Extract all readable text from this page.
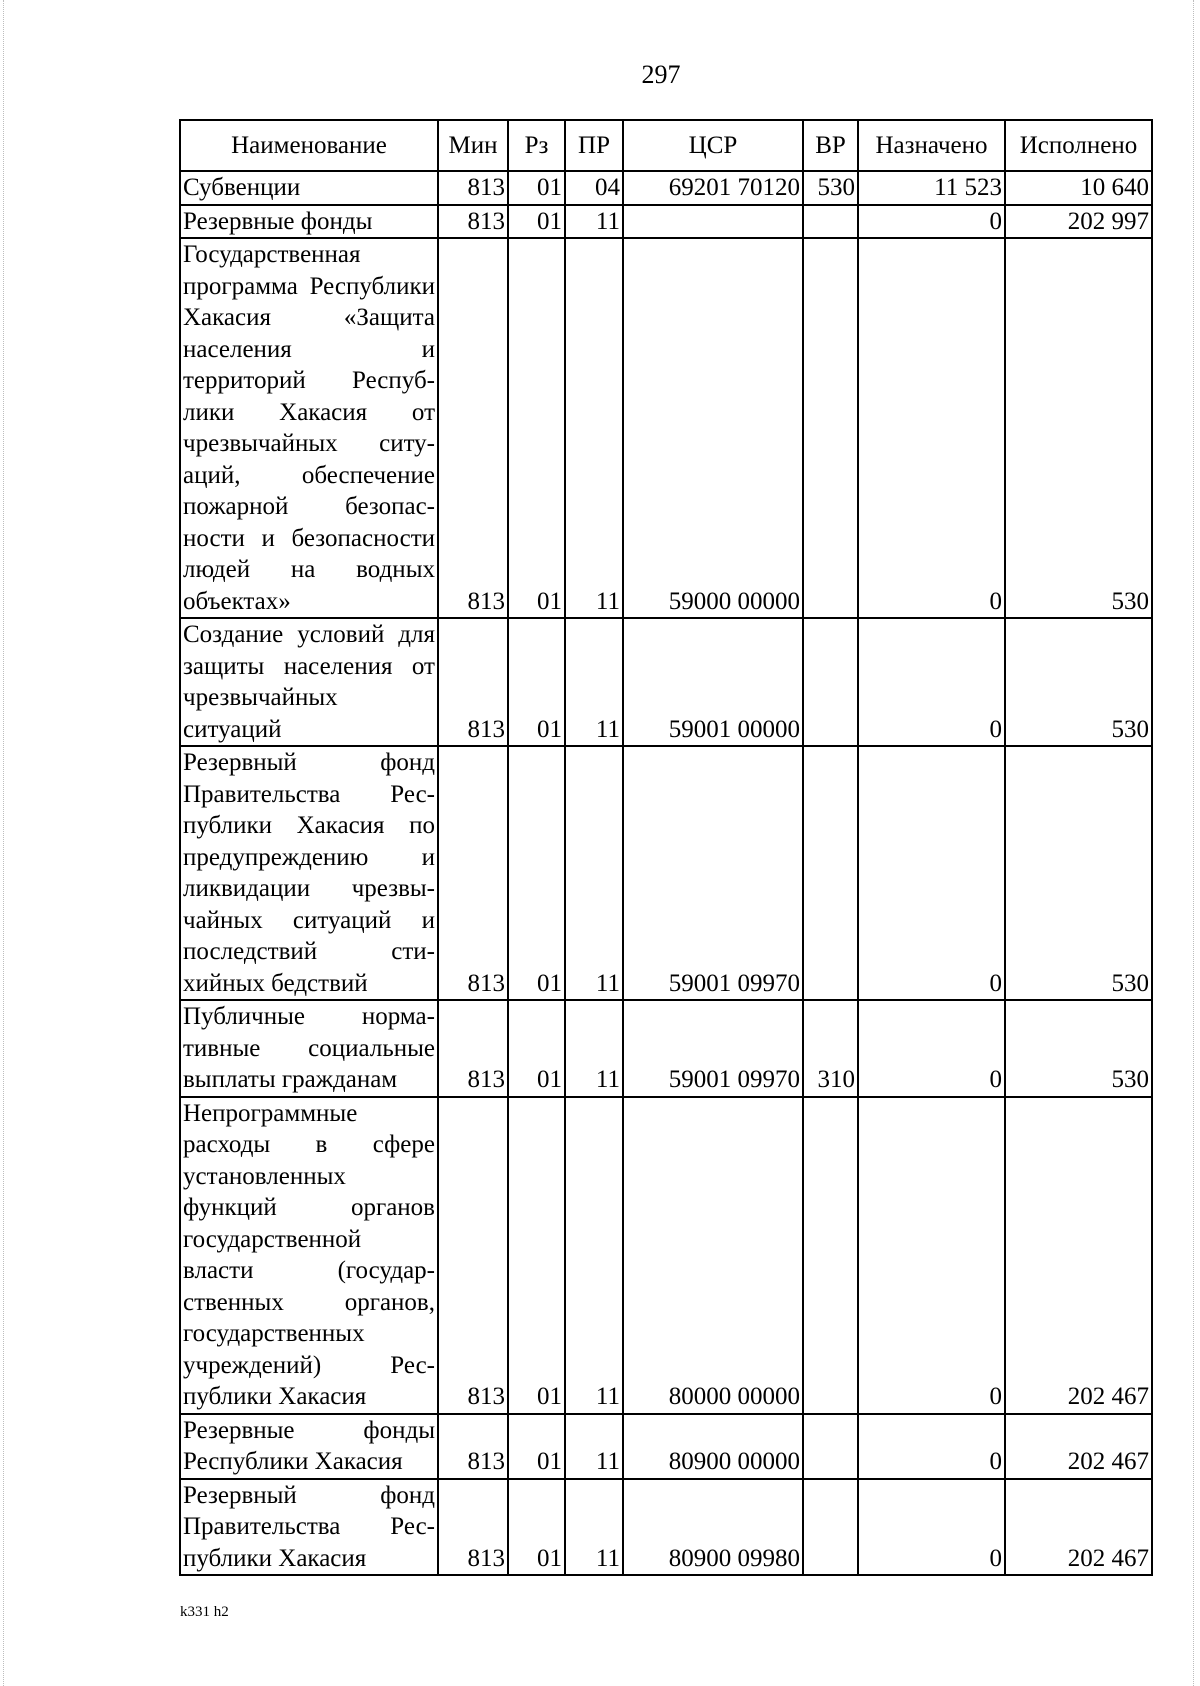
297
Наименование	Мин	Рз	ПР	ЦСР	ВР	Назначено	Исполнено
Субвенции	813	01	04	69201 70120	530	11 523	10 640
Резервные фонды	813	01	11			0	202 997
Государственная программа Республики Хакасия «Защита населения и территорий Республики Хакасия от чрезвычайных ситуаций, обеспечение пожарной безопасности и безопасности людей на водных объектах»	813	01	11	59000 00000		0	530
Создание условий для защиты населения от чрезвычайных ситуаций	813	01	11	59001 00000		0	530
Резервный фонд Правительства Республики Хакасия по предупреждению и ликвидации чрезвычайных ситуаций и последствий стихийных бедствий	813	01	11	59001 09970		0	530
Публичные нормативные социальные выплаты гражданам	813	01	11	59001 09970	310	0	530
Непрограммные расходы в сфере установленных функций органов государственной власти (государственных органов, государственных учреждений) Республики Хакасия	813	01	11	80000 00000		0	202 467
Резервные фонды Республики Хакасия	813	01	11	80900 00000		0	202 467
Резервный фонд Правительства Республики Хакасия	813	01	11	80900 09980		0	202 467
k331 h2
